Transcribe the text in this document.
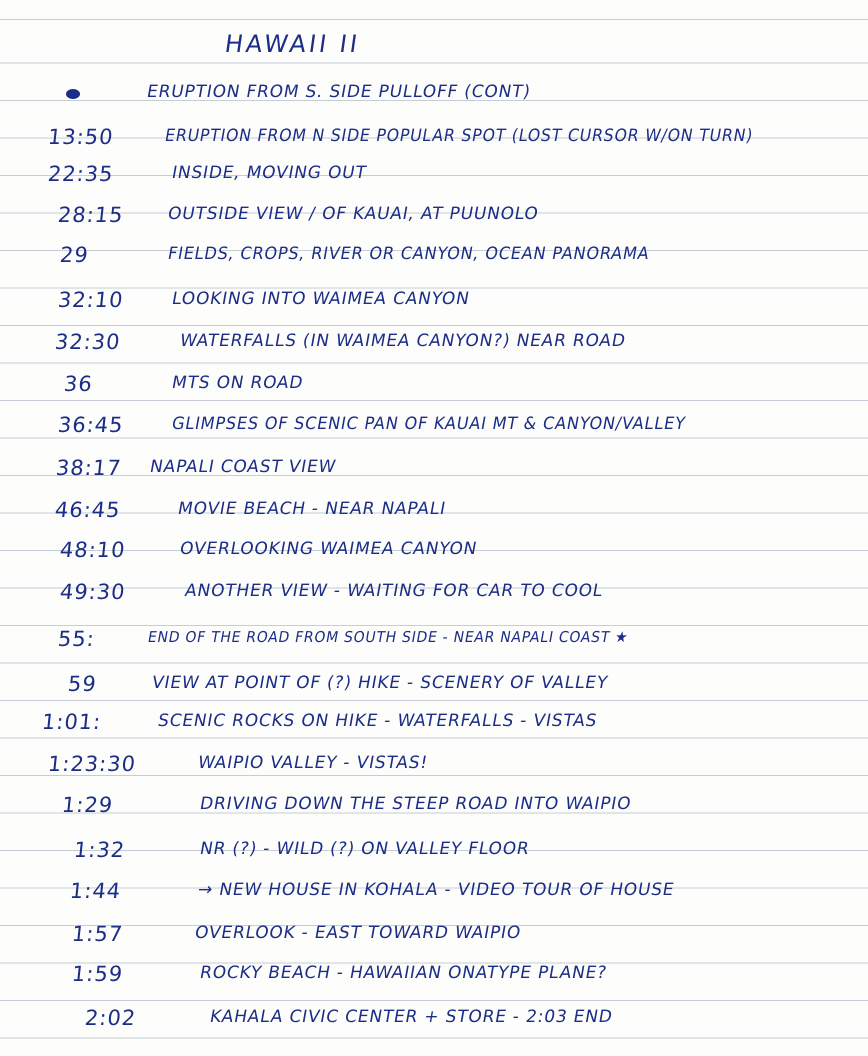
HAWAII II
ERUPTION FROM S. SIDE PULLOFF (CONT)
13:50	ERUPTION FROM N SIDE POPULAR SPOT (LOST CURSOR W/ON TURN)
22:35	INSIDE, MOVING OUT
28:15 OUTSIDE VIEW / OF KAUAI, AT PUUNOLO
29	FIELDS, CROPS, RIVER OR CANYON, OCEAN PANORAMA
32:10	LOOKING INTO WAIMEA CANYON
32:30	WATERFALLS (IN WAIMEA CANYON?) NEAR ROAD
36	MTS ON ROAD
36:45	GLIMPSES OF SCENIC PAN OF KAUAI MT & CANYON/VALLEY
38:17 NAPALI COAST VIEW
46:45	MOVIE BEACH - NEAR NAPALI
48:10	OVERLOOKING WAIMEA CANYON
49:30	ANOTHER VIEW - WAITING FOR CAR TO COOL
55:	END OF THE ROAD FROM SOUTH SIDE - NEAR NAPALI COAST ★
59	VIEW AT POINT OF (?) HIKE - SCENERY OF VALLEY
1:01:	SCENIC ROCKS ON HIKE - WATERFALLS - VISTAS
1:23:30	WAIPIO VALLEY - VISTAS!
1:29	DRIVING DOWN THE STEEP ROAD INTO WAIPIO
1:32	NR (?) - WILD (?) ON VALLEY FLOOR
1:44	→ NEW HOUSE IN KOHALA - VIDEO TOUR OF HOUSE
1:57	OVERLOOK - EAST TOWARD WAIPIO
1:59	ROCKY BEACH - HAWAIIAN ONATYPE PLANE?
2:02	KAHALA CIVIC CENTER + STORE - 2:03 END
